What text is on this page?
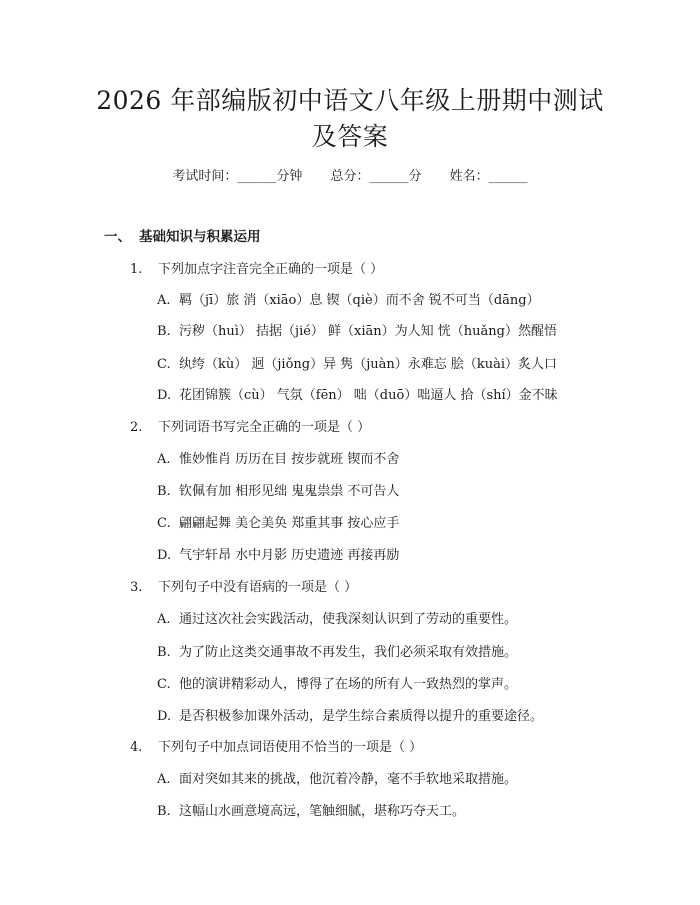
2026 年部编版初中语文八年级上册期中测试
及答案
考试时间：______分钟 总分：______分 姓名：______
一、 基础知识与积累运用
1. 下列加点字注音完全正确的一项是（ ）
A. 羁（jī）旅 消（xiāo）息 锲（qiè）而不舍 锐不可当（dāng）
B. 污秽（huì） 拮据（jié） 鲜（xiān）为人知 恍（huǎng）然醒悟
C. 纨绔（kù） 迥（jiǒng）异 隽（juàn）永难忘 脍（kuài）炙人口
D. 花团锦簇（cù） 气氛（fēn） 咄（duō）咄逼人 拾（shí）金不昧
2. 下列词语书写完全正确的一项是（ ）
A. 惟妙惟肖 历历在目 按步就班 锲而不舍
B. 钦佩有加 相形见绌 鬼鬼祟祟 不可告人
C. 翩翩起舞 美仑美奂 郑重其事 按心应手
D. 气宇轩昂 水中月影 历史遗迹 再接再励
3. 下列句子中没有语病的一项是（ ）
A. 通过这次社会实践活动，使我深刻认识到了劳动的重要性。
B. 为了防止这类交通事故不再发生，我们必须采取有效措施。
C. 他的演讲精彩动人，博得了在场的所有人一致热烈的掌声。
D. 是否积极参加课外活动，是学生综合素质得以提升的重要途径。
4. 下列句子中加点词语使用不恰当的一项是（ ）
A. 面对突如其来的挑战，他沉着冷静，毫不手软地采取措施。
B. 这幅山水画意境高远，笔触细腻，堪称巧夺天工。
